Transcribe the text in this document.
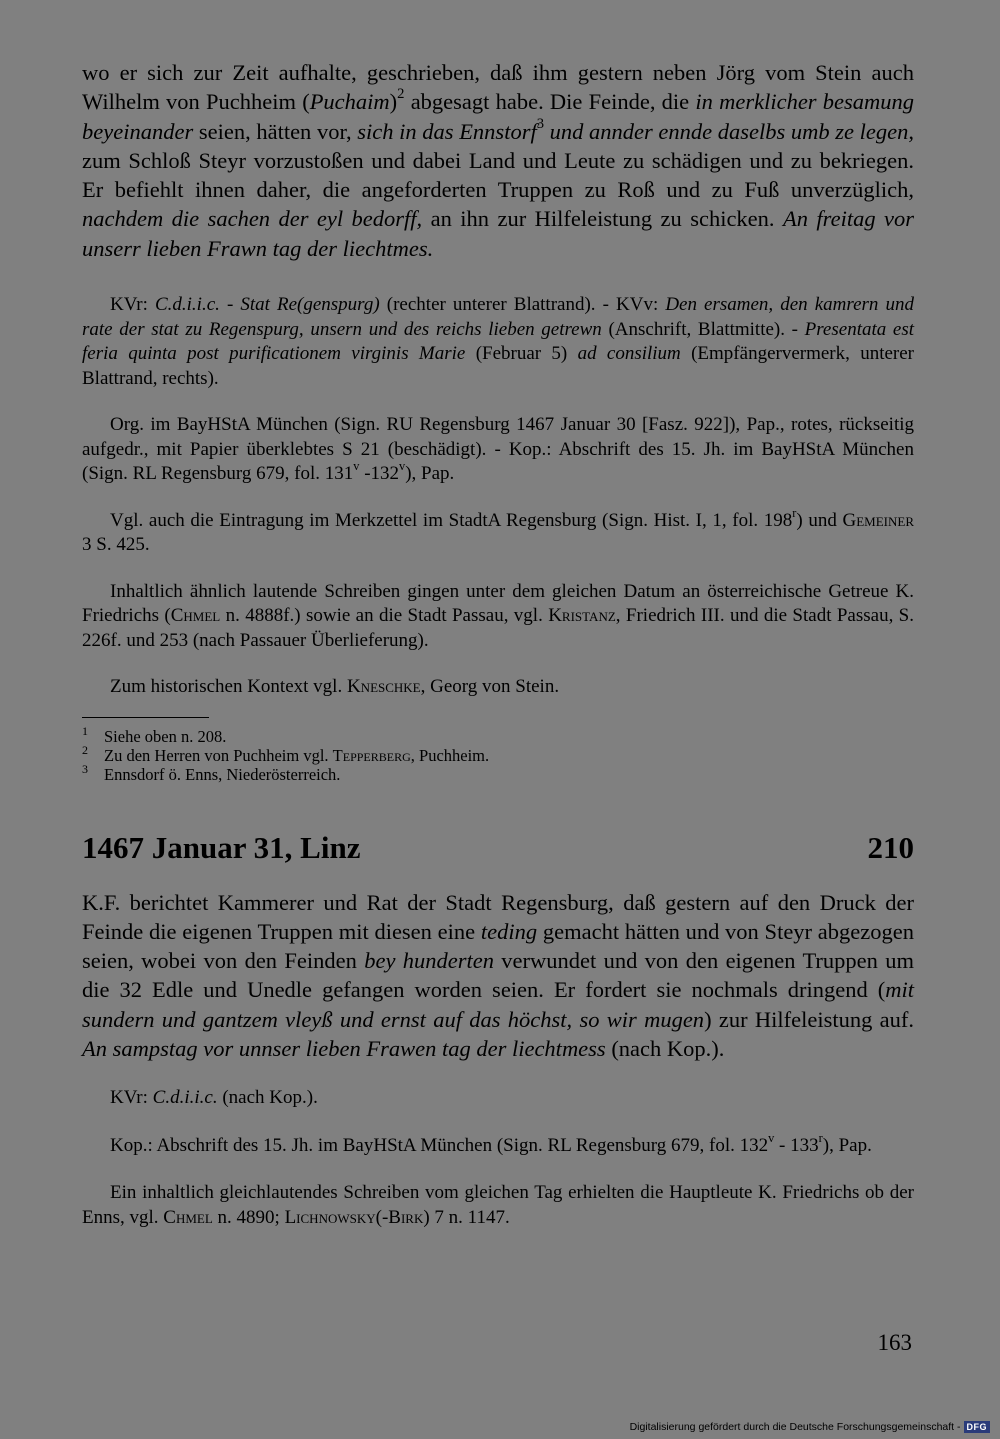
wo er sich zur Zeit aufhalte, geschrieben, daß ihm gestern neben Jörg vom Stein auch Wilhelm von Puchheim (Puchaim)$^2$ abgesagt habe. Die Feinde, die in merklicher besamung beyeinander seien, hätten vor, sich in das Ennstorf$^3$ und annder ennde daselbs umb ze legen, zum Schloß Steyr vorzustoßen und dabei Land und Leute zu schädigen und zu bekriegen. Er befiehlt ihnen daher, die angeforderten Truppen zu Roß und zu Fuß unverzüglich, nachdem die sachen der eyl bedorff, an ihn zur Hilfeleistung zu schicken. An freitag vor unserr lieben Frawn tag der liechtmes.

KVr: C.d.i.i.c. - Stat Re(genspurg) (rechter unterer Blattrand). - KVv: Den ersamen, den kamrern und rate der stat zu Regenspurg, unsern und des reichs lieben getrewn (Anschrift, Blattmitte). - Presentata est feria quinta post purificationem virginis Marie (Februar 5) ad consilium (Empfängervermerk, unterer Blattrand, rechts).

Org. im BayHStA München (Sign. RU Regensburg 1467 Januar 30 [Fasz. 922]), Pap., rotes, rückseitig aufgedr., mit Papier überklebtes S 21 (beschädigt). - Kop.: Abschrift des 15. Jh. im BayHStA München (Sign. RL Regensburg 679, fol. 131$^v$ -132$^v$), Pap.

Vgl. auch die Eintragung im Merkzettel im StadtA Regensburg (Sign. Hist. I, 1, fol. 198$^r$) und Gemeiner 3 S. 425.

Inhaltlich ähnlich lautende Schreiben gingen unter dem gleichen Datum an österreichische Getreue K. Friedrichs (Chmel n. 4888f.) sowie an die Stadt Passau, vgl. Kristanz, Friedrich III. und die Stadt Passau, S. 226f. und 253 (nach Passauer Überlieferung).

Zum historischen Kontext vgl. Kneschke, Georg von Stein.

1 Siehe oben n. 208.
2 Zu den Herren von Puchheim vgl. Tepperberg, Puchheim.
3 Ennsdorf ö. Enns, Niederösterreich.
1467 Januar 31, Linz	210

K.F. berichtet Kammerer und Rat der Stadt Regensburg, daß gestern auf den Druck der Feinde die eigenen Truppen mit diesen eine teding gemacht hätten und von Steyr abgezogen seien, wobei von den Feinden bey hunderten verwundet und von den eigenen Truppen um die 32 Edle und Unedle gefangen worden seien. Er fordert sie nochmals dringend (mit sundern und gantzem vleyß und ernst auf das höchst, so wir mugen) zur Hilfeleistung auf. An sampstag vor unnser lieben Frawen tag der liechtmess (nach Kop.).

KVr: C.d.i.i.c. (nach Kop.).

Kop.: Abschrift des 15. Jh. im BayHStA München (Sign. RL Regensburg 679, fol. 132$^v$ - 133$^r$), Pap.

Ein inhaltlich gleichlautendes Schreiben vom gleichen Tag erhielten die Hauptleute K. Friedrichs ob der Enns, vgl. Chmel n. 4890; Lichnowsky(-Birk) 7 n. 1147.

163
Digitalisierung gefördert durch die Deutsche Forschungsgemeinschaft - DFG
